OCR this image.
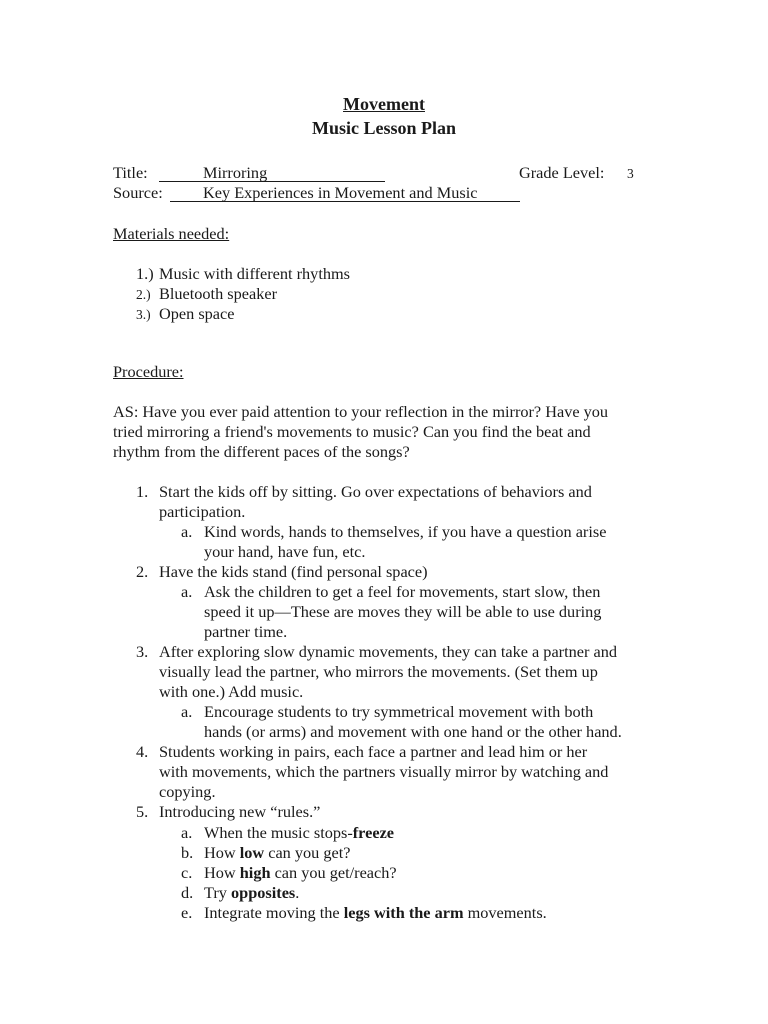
Movement
Music Lesson Plan
Title:	Mirroring	Grade Level: 3
Source: Key Experiences in Movement and Music
Materials needed:
1.) Music with different rhythms
2.) Bluetooth speaker
3.) Open space
Procedure:
AS: Have you ever paid attention to your reflection in the mirror? Have you
tried mirroring a friend's movements to music? Can you find the beat and
rhythm from the different paces of the songs?
1. Start the kids off by sitting. Go over expectations of behaviors and
participation.
a. Kind words, hands to themselves, if you have a question arise
your hand, have fun, etc.
2. Have the kids stand (find personal space)
a. Ask the children to get a feel for movements, start slow, then
speed it up—These are moves they will be able to use during
partner time.
3. After exploring slow dynamic movements, they can take a partner and
visually lead the partner, who mirrors the movements. (Set them up
with one.) Add music.
a. Encourage students to try symmetrical movement with both
hands (or arms) and movement with one hand or the other hand.
4. Students working in pairs, each face a partner and lead him or her
with movements, which the partners visually mirror by watching and
copying.
5. Introducing new “rules.”
a. When the music stops-freeze
b. How low can you get?
c. How high can you get/reach?
d. Try opposites.
e. Integrate moving the legs with the arm movements.
